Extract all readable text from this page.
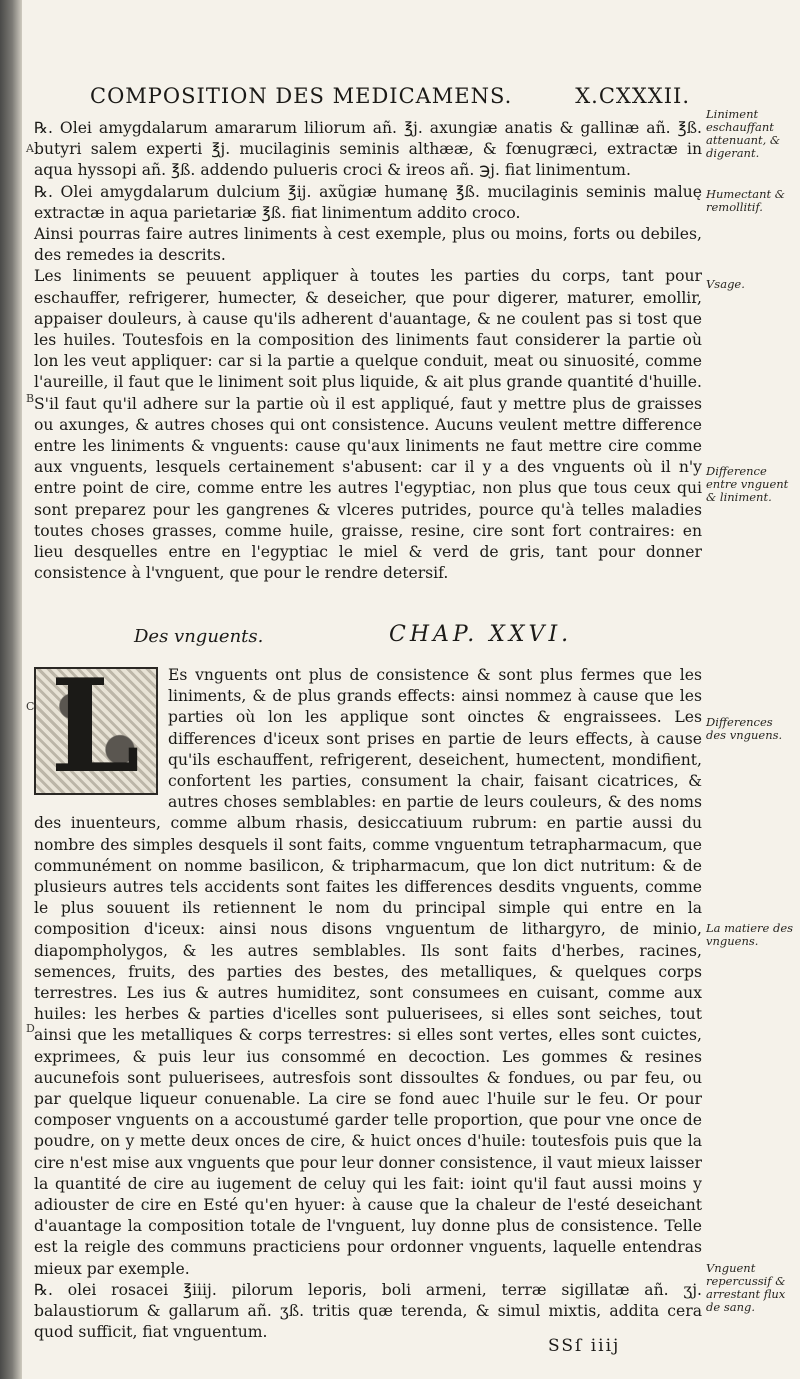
COMPOSITION DES MEDICAMENS.	X.CXXXII.

℞. Olei amygdalarum amararum liliorum añ. ℥j. axungiæ anatis & gallinæ añ. ℥ß. butyri salem experti ℥j. mucilaginis seminis althææ, & fœnugræci, extractæ in aqua hyssopi añ. ℥ß. addendo pulueris croci & ireos añ. ℈j. fiat linimentum.

℞. Olei amygdalarum dulcium ℥ij. axũgiæ humanę ℥ß. mucilaginis seminis maluę extractæ in aqua parietariæ ℥ß. fiat linimentum addito croco.

Ainsi pourras faire autres liniments à cest exemple, plus ou moins, forts ou debiles, des remedes ia descrits.

Les liniments se peuuent appliquer à toutes les parties du corps, tant pour eschauffer, refrigerer, humecter, & deseicher, que pour digerer, maturer, emollir, appaiser douleurs, à cause qu'ils adherent d'auantage, & ne coulent pas si tost que les huiles. Toutesfois en la composition des liniments faut considerer la partie où lon les veut appliquer: car si la partie a quelque conduit, meat ou sinuosité, comme l'aureille, il faut que le liniment soit plus liquide, & ait plus grande quantité d'huille. S'il faut qu'il adhere sur la partie où il est appliqué, faut y mettre plus de graisses ou axunges, & autres choses qui ont consistence. Aucuns veulent mettre difference entre les liniments & vnguents: cause qu'aux liniments ne faut mettre cire comme aux vnguents, lesquels certainement s'abusent: car il y a des vnguents où il n'y entre point de cire, comme entre les autres l'egyptiac, non plus que tous ceux qui sont preparez pour les gangrenes & vlceres putrides, pource qu'à telles maladies toutes choses grasses, comme huile, graisse, resine, cire sont fort contraires: en lieu desquelles entre en l'egyptiac le miel & verd de gris, tant pour donner consistence à l'vnguent, que pour le rendre detersif.

Des vnguents.	CHAP. XXVI.
L	Es vnguents ont plus de consistence & sont plus fermes que les liniments, & de plus grands effects: ainsi nommez à cause que les parties où lon les applique sont oinctes & engraissees. Les differences d'iceux sont prises en partie de leurs effects, à cause qu'ils eschauffent, refrigerent, deseichent, humectent, mondifient, confortent les parties, consument la chair, faisant cicatrices, & autres choses semblables: en partie de leurs couleurs, & des noms des inuenteurs, comme album rhasis, desiccatiuum rubrum: en partie aussi du nombre des simples desquels il sont faits, comme vnguentum tetrapharmacum, que communément on nomme basilicon, & tripharmacum, que lon dict nutritum: & de plusieurs autres tels accidents sont faites les differences desdits vnguents, comme le plus souuent ils retiennent le nom du principal simple qui entre en la composition d'iceux: ainsi nous disons vnguentum de lithargyro, de minio, diapompholygos, & les autres semblables. Ils sont faits d'herbes, racines, semences, fruits, des parties des bestes, des metalliques, & quelques corps terrestres. Les ius & autres humiditez, sont consumees en cuisant, comme aux huiles: les herbes & parties d'icelles sont puluerisees, si elles sont seiches, tout ainsi que les metalliques & corps terrestres: si elles sont vertes, elles sont cuictes, exprimees, & puis leur ius consommé en decoction. Les gommes & resines aucunefois sont puluerisees, autresfois sont dissoultes & fondues, ou par feu, ou par quelque liqueur conuenable. La cire se fond auec l'huile sur le feu. Or pour composer vnguents on a accoustumé garder telle proportion, que pour vne once de poudre, on y mette deux onces de cire, & huict onces d'huile: toutesfois puis que la cire n'est mise aux vnguents que pour leur donner consistence, il vaut mieux laisser la quantité de cire au iugement de celuy qui les fait: ioint qu'il faut aussi moins y adiouster de cire en Esté qu'en hyuer: à cause que la chaleur de l'esté deseichant d'auantage la composition totale de l'vnguent, luy donne plus de consistence. Telle est la reigle des communs practiciens pour ordonner vnguents, laquelle entendras mieux par exemple.

℞. olei rosacei ℥iiij. pilorum leporis, boli armeni, terræ sigillatæ añ. ʒj. balaustiorum & gallarum añ. ʒß. tritis quæ terenda, & simul mixtis, addita cera quod sufficit, fiat vnguentum.

Liniment eschauffant attenuant, & digerant.
Humectant & remollitif.
Vsage.
Difference entre vnguent & liniment.
Differences des vnguens.
La matiere des vnguens.
Vnguent repercussif & arrestant flux de sang.
A
B
C
D
SSſ iiij
